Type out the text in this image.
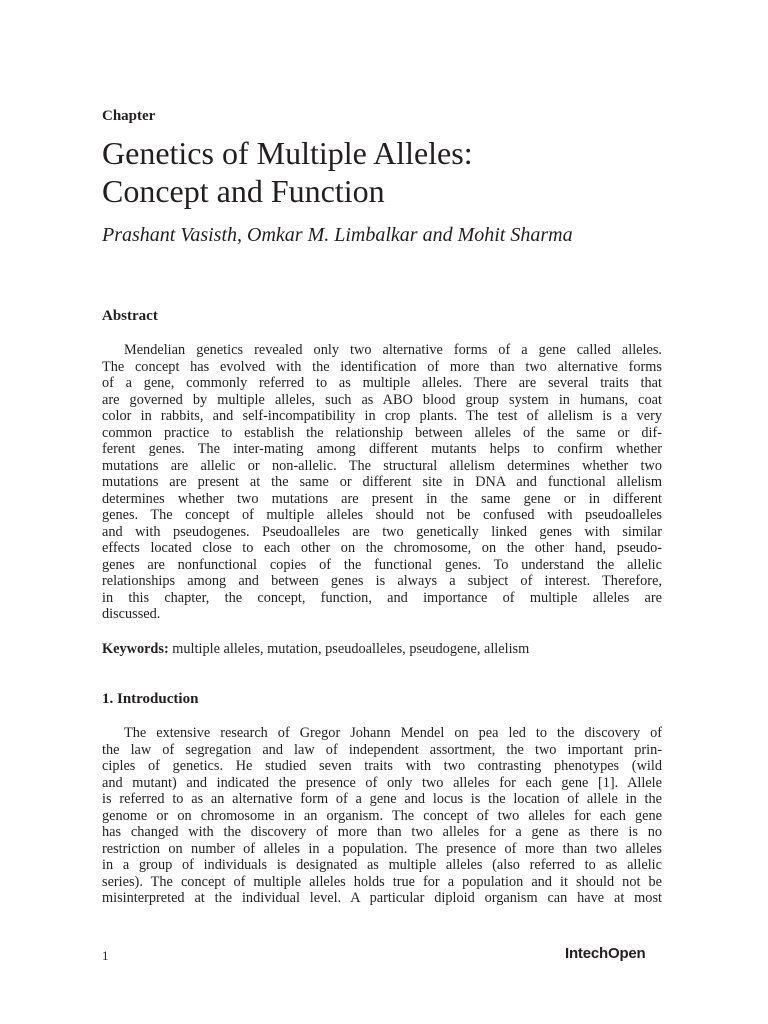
Chapter
Genetics of Multiple Alleles:
Concept and Function
Prashant Vasisth, Omkar M. Limbalkar and Mohit Sharma
Abstract
Mendelian genetics revealed only two alternative forms of a gene called alleles.
The concept has evolved with the identification of more than two alternative forms
of a gene, commonly referred to as multiple alleles. There are several traits that
are governed by multiple alleles, such as ABO blood group system in humans, coat
color in rabbits, and self-incompatibility in crop plants. The test of allelism is a very
common practice to establish the relationship between alleles of the same or dif-
ferent genes. The inter-mating among different mutants helps to confirm whether
mutations are allelic or non-allelic. The structural allelism determines whether two
mutations are present at the same or different site in DNA and functional allelism
determines whether two mutations are present in the same gene or in different
genes. The concept of multiple alleles should not be confused with pseudoalleles
and with pseudogenes. Pseudoalleles are two genetically linked genes with similar
effects located close to each other on the chromosome, on the other hand, pseudo-
genes are nonfunctional copies of the functional genes. To understand the allelic
relationships among and between genes is always a subject of interest. Therefore,
in this chapter, the concept, function, and importance of multiple alleles are
discussed.
Keywords: multiple alleles, mutation, pseudoalleles, pseudogene, allelism
1. Introduction
The extensive research of Gregor Johann Mendel on pea led to the discovery of
the law of segregation and law of independent assortment, the two important prin-
ciples of genetics. He studied seven traits with two contrasting phenotypes (wild
and mutant) and indicated the presence of only two alleles for each gene [1]. Allele
is referred to as an alternative form of a gene and locus is the location of allele in the
genome or on chromosome in an organism. The concept of two alleles for each gene
has changed with the discovery of more than two alleles for a gene as there is no
restriction on number of alleles in a population. The presence of more than two alleles
in a group of individuals is designated as multiple alleles (also referred to as allelic
series). The concept of multiple alleles holds true for a population and it should not be
misinterpreted at the individual level. A particular diploid organism can have at most
1	IntechOpen
